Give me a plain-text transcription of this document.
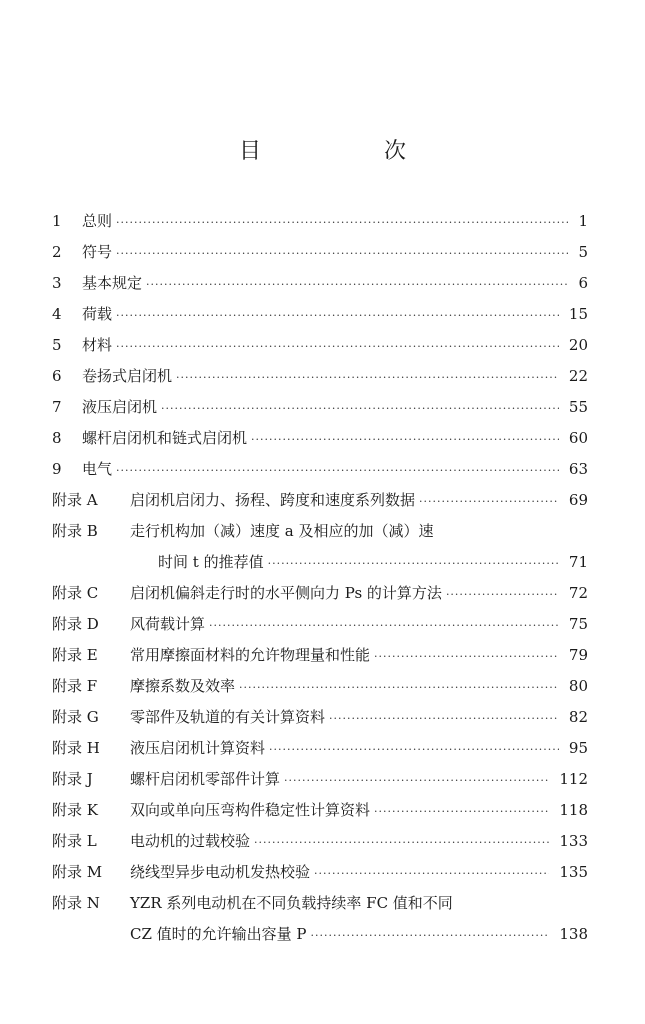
目 次
1 总则 ·····	1
2 符号 ·····	5
3 基本规定 ·····	6
4 荷载 ·····	15
5 材料 ·····	20
6 卷扬式启闭机 ·····	22
7 液压启闭机 ·····	55
8 螺杆启闭机和链式启闭机 ·····	60
9 电气 ·····	63
附录 A 启闭机启闭力、扬程、跨度和速度系列数据 ·····	69
附录 B 走行机构加（减）速度 a 及相应的加（减）速
时间 t 的推荐值 ·····	71
附录 C 启闭机偏斜走行时的水平侧向力 Ps 的计算方法 ·····	72
附录 D 风荷载计算 ·····	75
附录 E 常用摩擦面材料的允许物理量和性能 ·····	79
附录 F 摩擦系数及效率 ·····	80
附录 G 零部件及轨道的有关计算资料 ·····	82
附录 H 液压启闭机计算资料 ·····	95
附录 J 螺杆启闭机零部件计算 ·····	112
附录 K 双向或单向压弯构件稳定性计算资料 ·····	118
附录 L 电动机的过载校验 ·····	133
附录 M 绕线型异步电动机发热校验 ·····	135
附录 N YZR 系列电动机在不同负载持续率 FC 值和不同
CZ 值时的允许输出容量 P ·····	138
